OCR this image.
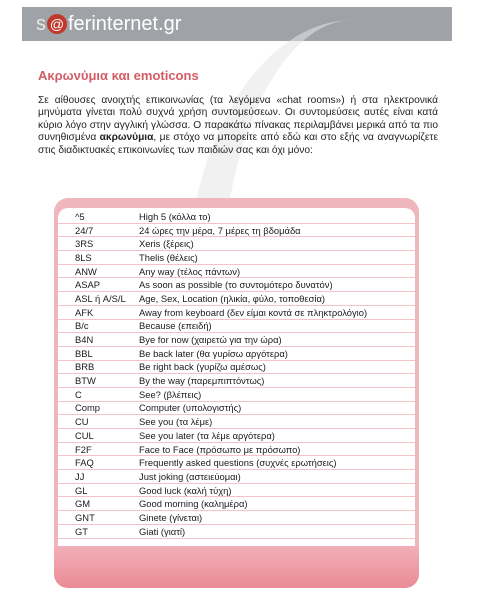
s @ ferinternet.gr
Ακρωνύμια και emoticons

Σε αίθουσες ανοιχτής επικοινωνίας (τα λεγόμενα «chat rooms») ή στα ηλεκτρονικά μηνύματα γίνεται πολύ συχνά χρήση συντομεύσεων. Οι συντομεύσεις αυτές είναι κατά κύριο λόγο στην αγγλική γλώσσα. Ο παρακάτω πίνακας περιλαμβάνει μερικά από τα πιο συνηθισμένα ακρωνύμια, με στόχο να μπορείτε από εδώ και στο εξής να αναγνωρίζετε στις διαδικτυακές επικοινωνίες των παιδιών σας και όχι μόνο:

^5	High 5 (κόλλα το)
24/7	24 ώρες την μέρα, 7 μέρες τη βδομάδα
3RS	Xeris (ξέρεις)
8LS	Thelis (θέλεις)
ANW	Any way (τέλος πάντων)
ASAP	As soon as possible (το συντομότερο δυνατόν)
ASL ή A/S/L	Age, Sex, Location (ηλικία, φύλο, τοποθεσία)
AFK	Away from keyboard (δεν είμαι κοντά σε πληκτρολόγιο)
B/c	Because (επειδή)
B4N	Bye for now (χαιρετώ για την ώρα)
BBL	Be back later (θα γυρίσω αργότερα)
BRB	Be right back (γυρίζω αμέσως)
BTW	By the way (παρεμπιπτόντως)
C	See? (βλέπεις)
Comp	Computer (υπολογιστής)
CU	See you (τα λέμε)
CUL	See you later (τα λέμε αργότερα)
F2F	Face to Face (πρόσωπο με πρόσωπο)
FAQ	Frequently asked questions (συχνές ερωτήσεις)
JJ	Just joking (αστειεύομαι)
GL	Good luck (καλή τύχη)
GM	Good morning (καλημέρα)
GNT	Ginete (γίνεται)
GT	Giati (γιατί)
